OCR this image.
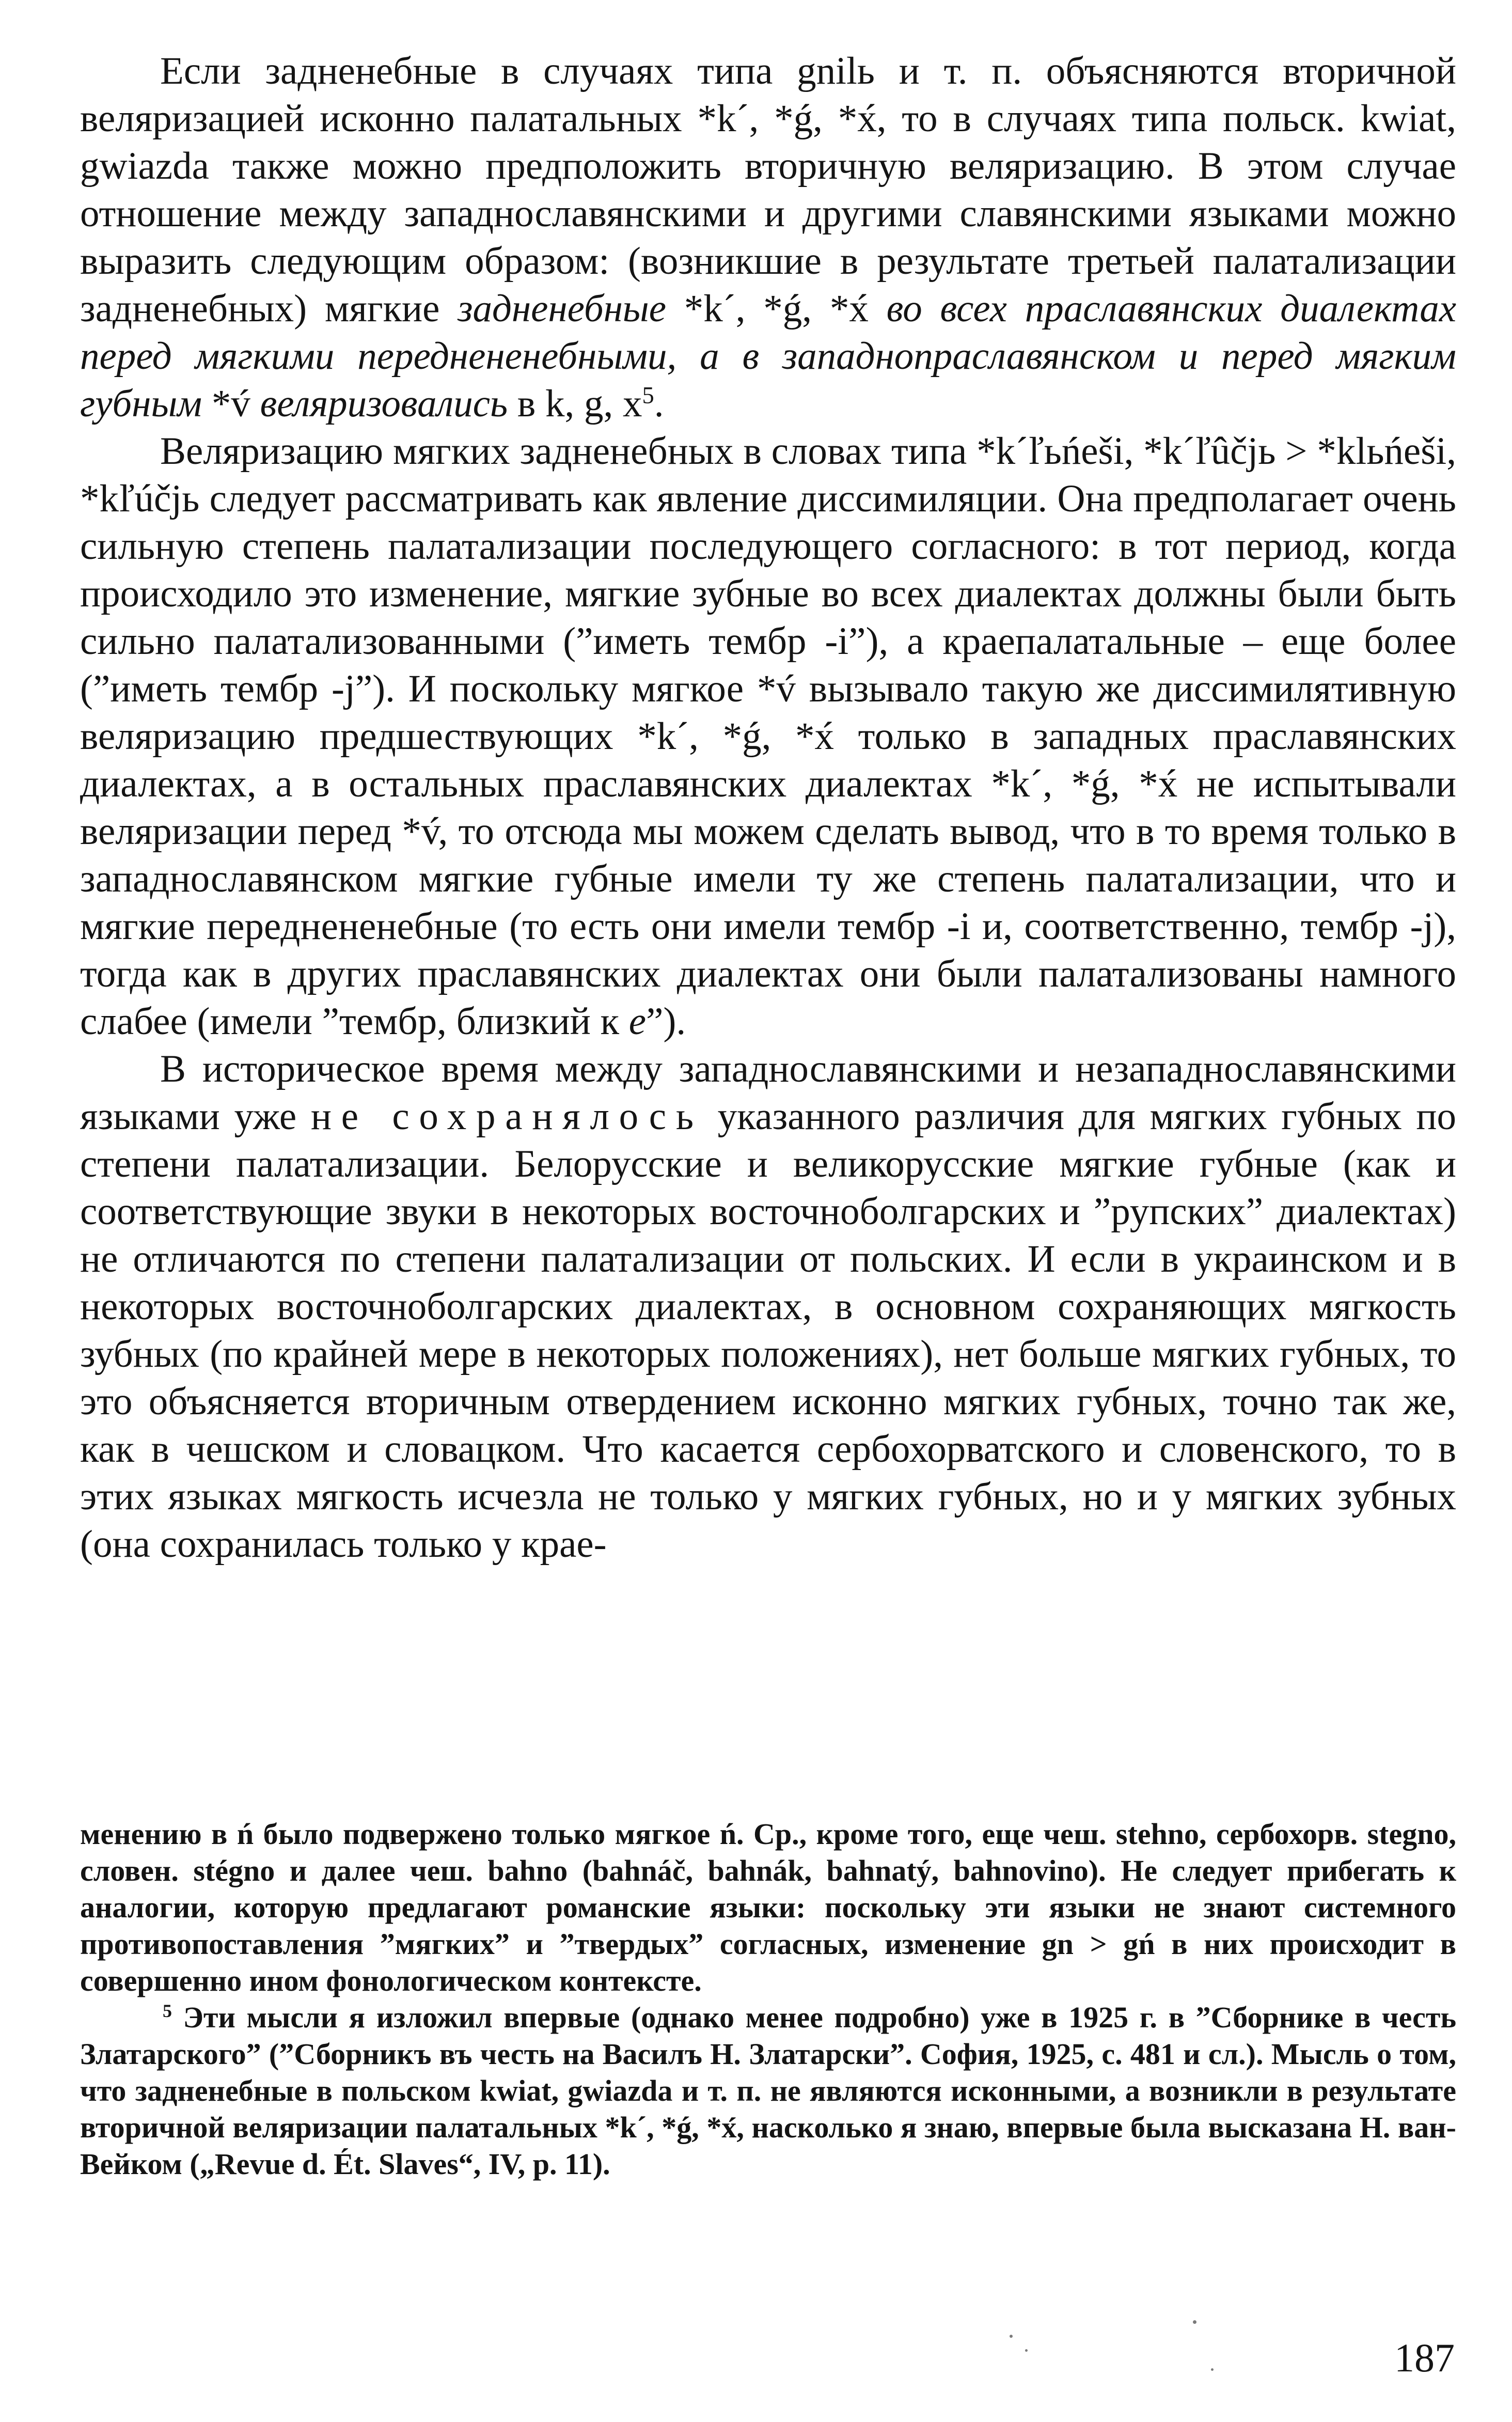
Если задненебные в случаях типа gnilь и т. п. объясняются вторичной веляризацией исконно палатальных *k´, *ǵ, *x́, то в случаях типа польск. kwiat, gwiazda также можно предположить вторичную веляризацию. В этом случае отношение между западнославянскими и другими славянскими языками можно выразить следующим образом: (возникшие в результате третьей палатализации задненебных) мягкие задненебные *k´, *ǵ, *x́ во всех праславянских диалектах перед мягкими переднененебными, а в западнопраславянском и перед мягким губным *v́ веляризовались в k, g, $x^5$.

Веляризацию мягких задненебных в словах типа *k´ľьńeši, *k´ľûčjь > *klьńeši, *kľúčjь следует рассматривать как явление диссимиляции. Она предполагает очень сильную степень палатализации последующего согласного: в тот период, когда происходило это изменение, мягкие зубные во всех диалектах должны были быть сильно палатализованными (”иметь тембр -i”), а краепалатальные – еще более (”иметь тембр -j”). И поскольку мягкое *v́ вызывало такую же диссимилятивную веляризацию предшествующих *k´, *ǵ, *x́ только в западных праславянских диалектах, а в остальных праславянских диалектах *k´, *ǵ, *x́ не испытывали веляризации перед *v́, то отсюда мы можем сделать вывод, что в то время только в западнославянском мягкие губные имели ту же степень палатализации, что и мягкие переднененебные (то есть они имели тембр -i и, соответственно, тембр -j), тогда как в других праславянских диалектах они были палатализованы намного слабее (имели ”тембр, близкий к e”).

В историческое время между западнославянскими и незападнославянскими языками уже не сохранялось указанного различия для мягких губных по степени палатализации. Белорусские и великорусские мягкие губные (как и соответствующие звуки в некоторых восточноболгарских и ”рупских” диалектах) не отличаются по степени палатализации от польских. И если в украинском и в некоторых восточноболгарских диалектах, в основном сохраняющих мягкость зубных (по крайней мере в некоторых положениях), нет больше мягких губных, то это объясняется вторичным отвердением исконно мягких губных, точно так же, как в чешском и словацком. Что касается сербохорватского и словенского, то в этих языках мягкость исчезла не только у мягких губных, но и у мягких зубных (она сохранилась только у крае-

менению в ń было подвержено только мягкое ń. Ср., кроме того, еще чеш. stehno, сербохорв. stegno, словен. stégno и далее чеш. bahno (bahnáč, bahnák, bahnatý, bahnovino). Не следует прибегать к аналогии, которую предлагают романские языки: поскольку эти языки не знают системного противопоставления ”мягких” и ”твердых” согласных, изменение gn > gń в них происходит в совершенно ином фонологическом контексте.

$^5$ Эти мысли я изложил впервые (однако менее подробно) уже в 1925 г. в ”Сборнике в честь Златарского” (”Сборникъ въ честь на Василъ Н. Златарски”. София, 1925, с. 481 и сл.). Мысль о том, что задненебные в польском kwiat, gwiazda и т. п. не являются исконными, а возникли в результате вторичной веляризации палатальных *k´, *ǵ, *x́, насколько я знаю, впервые была высказана Н. ван-Вейком („Revue d. Ét. Slaves“, IV, p. 11).

187
